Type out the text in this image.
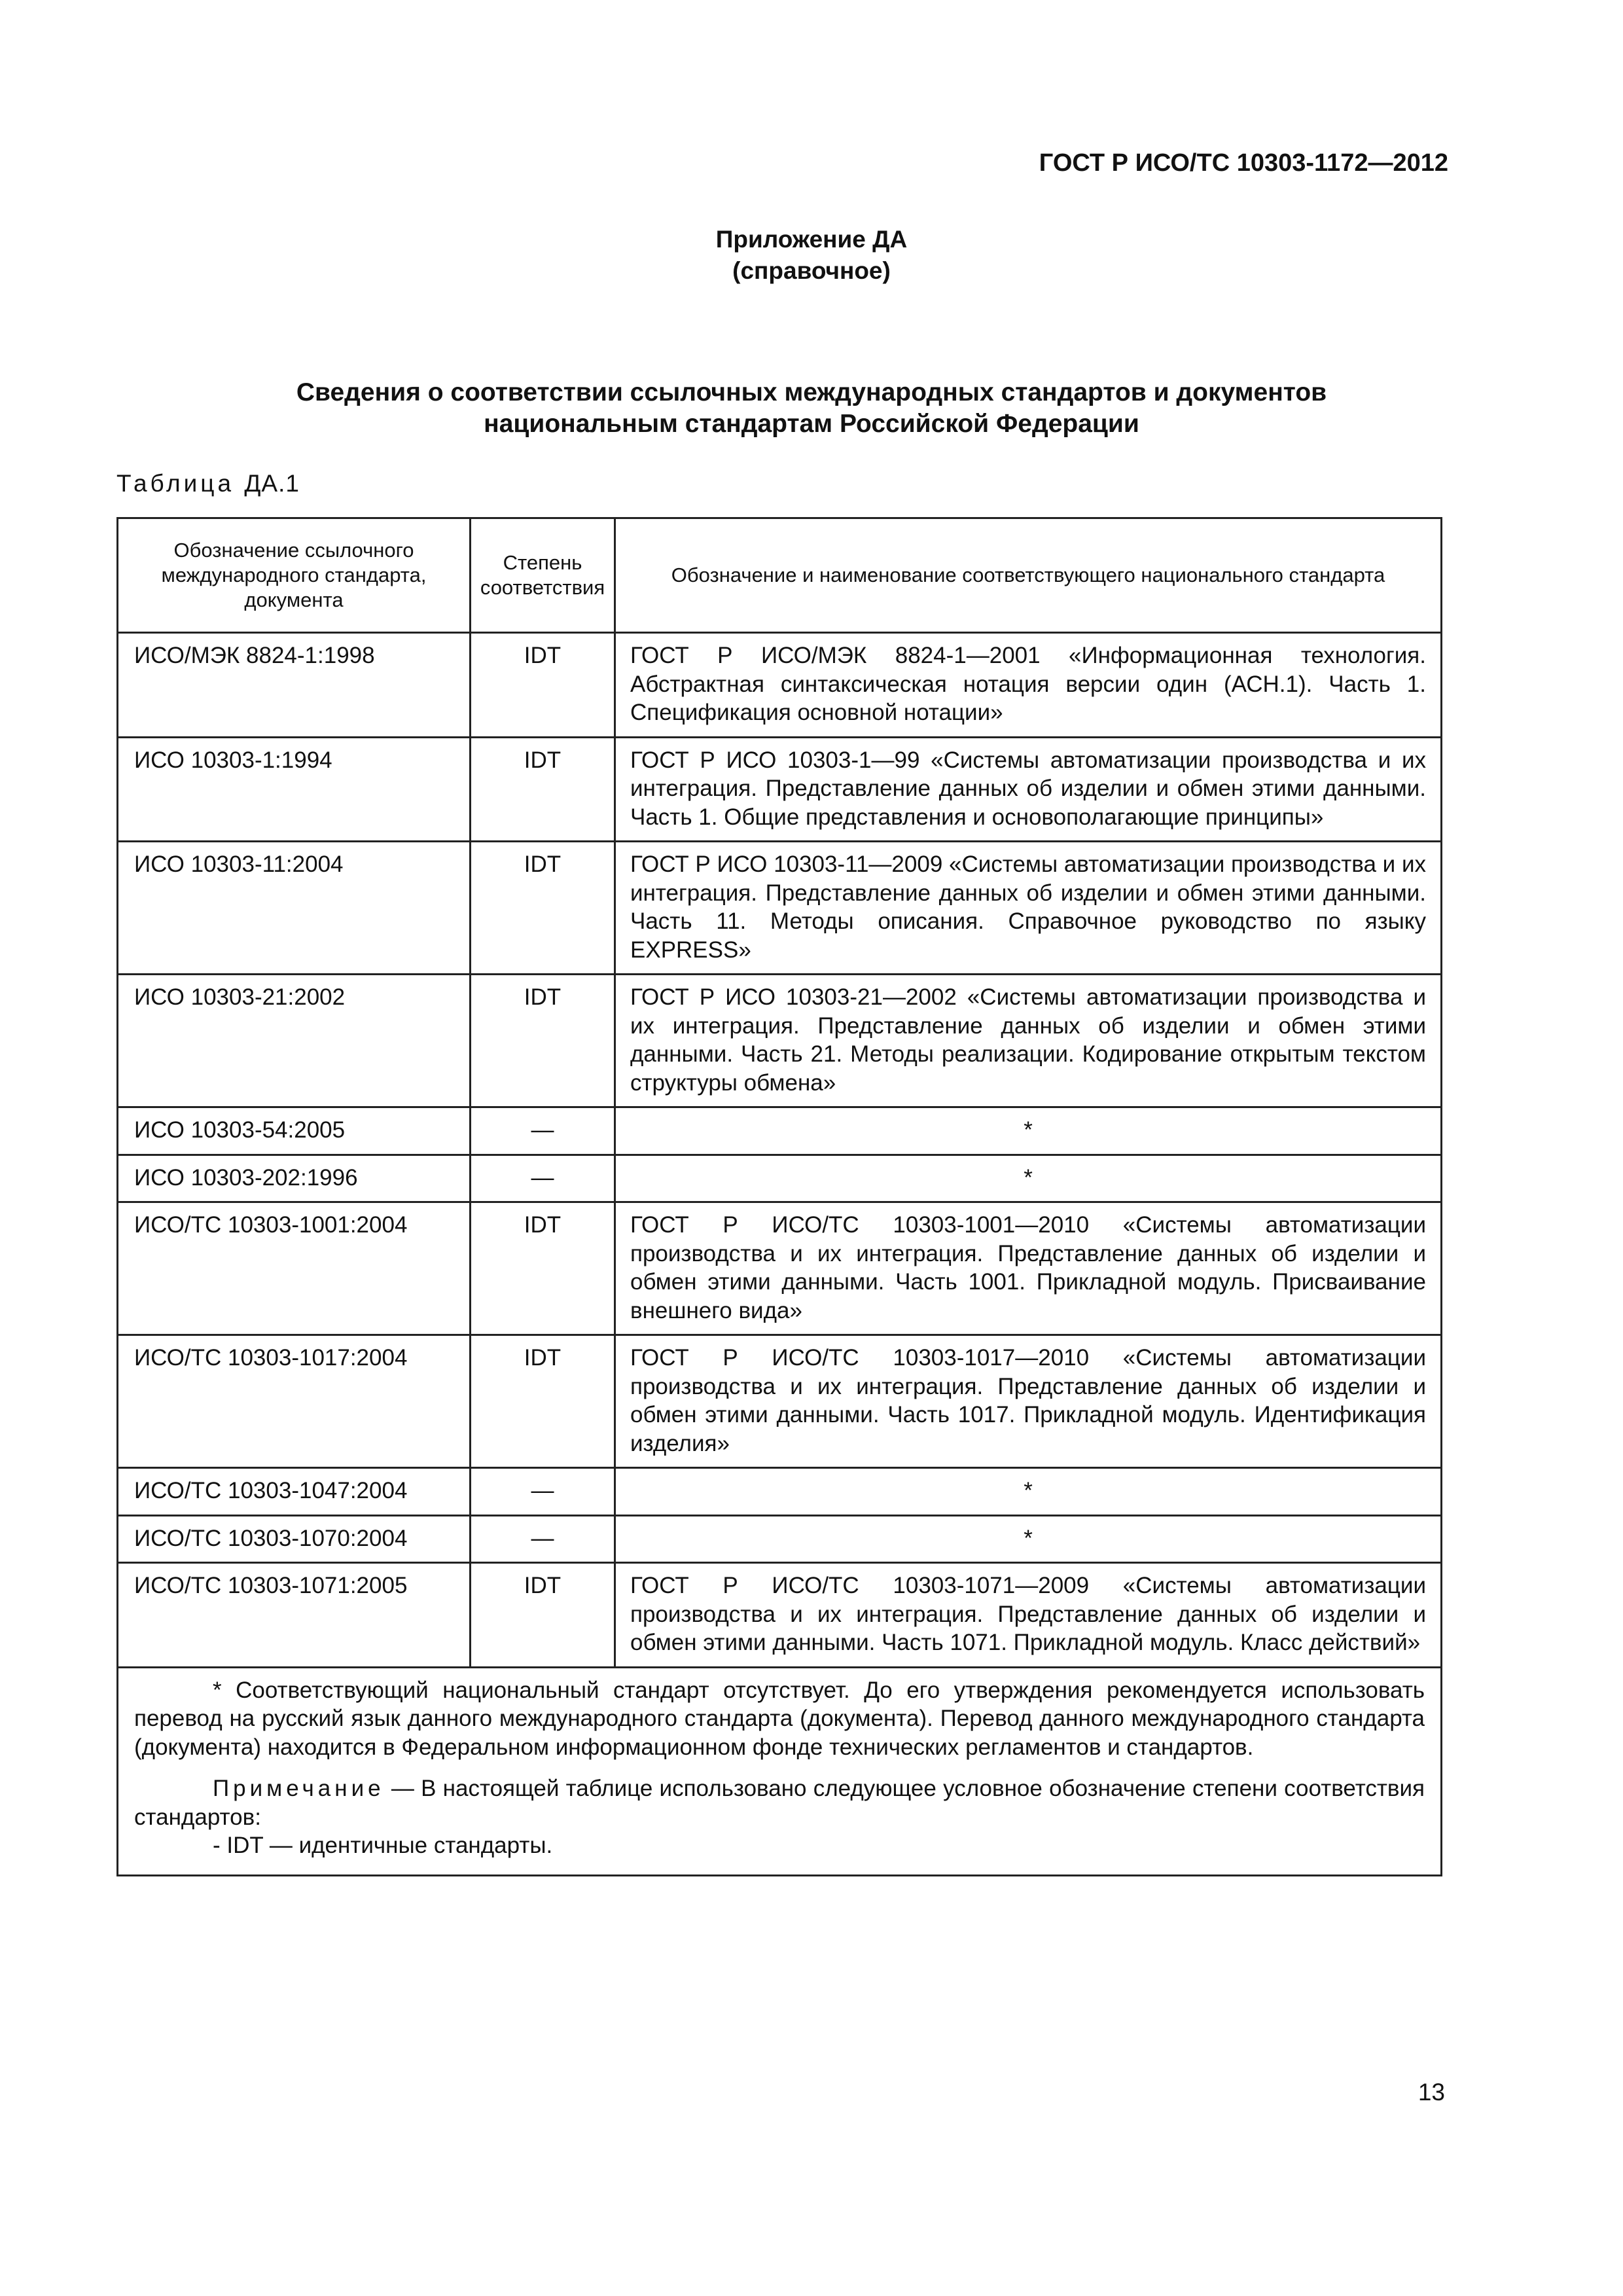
ГОСТ Р ИСО/ТС 10303-1172—2012
Приложение ДА
(справочное)
Сведения о соответствии ссылочных международных стандартов и документов
национальным стандартам Российской Федерации
Таблица ДА.1
Обозначение ссылочного международного стандарта, документа	Степень соответствия	Обозначение и наименование соответствующего национального стандарта
ИСО/МЭК 8824-1:1998	IDT	ГОСТ Р ИСО/МЭК 8824-1—2001 «Информационная технология. Абстрактная синтаксическая нотация версии один (АСН.1). Часть 1. Спецификация основной нотации»
ИСО 10303-1:1994	IDT	ГОСТ Р ИСО 10303-1—99 «Системы автоматизации производства и их интеграция. Представление данных об изделии и обмен этими данными. Часть 1. Общие представления и основополагающие принципы»
ИСО 10303-11:2004	IDT	ГОСТ Р ИСО 10303-11—2009 «Системы автоматизации производства и их интеграция. Представление данных об изделии и обмен этими данными. Часть 11. Методы описания. Справочное руководство по языку EXPRESS»
ИСО 10303-21:2002	IDT	ГОСТ Р ИСО 10303-21—2002 «Системы автоматизации производства и их интеграция. Представление данных об изделии и обмен этими данными. Часть 21. Методы реализации. Кодирование открытым текстом структуры обмена»
ИСО 10303-54:2005	—	*
ИСО 10303-202:1996	—	*
ИСО/ТС 10303-1001:2004	IDT	ГОСТ Р ИСО/ТС 10303-1001—2010 «Системы автоматизации производства и их интеграция. Представление данных об изделии и обмен этими данными. Часть 1001. Прикладной модуль. Присваивание внешнего вида»
ИСО/ТС 10303-1017:2004	IDT	ГОСТ Р ИСО/ТС 10303-1017—2010 «Системы автоматизации производства и их интеграция. Представление данных об изделии и обмен этими данными. Часть 1017. Прикладной модуль. Идентификация изделия»
ИСО/ТС 10303-1047:2004	—	*
ИСО/ТС 10303-1070:2004	—	*
ИСО/ТС 10303-1071:2005	IDT	ГОСТ Р ИСО/ТС 10303-1071—2009 «Системы автоматизации производства и их интеграция. Представление данных об изделии и обмен этими данными. Часть 1071. Прикладной модуль. Класс действий»

* Соответствующий национальный стандарт отсутствует. До его утверждения рекомендуется использовать перевод на русский язык данного международного стандарта (документа). Перевод данного международного стандарта (документа) находится в Федеральном информационном фонде технических регламентов и стандартов.

Примечание — В настоящей таблице использовано следующее условное обозначение степени соответствия стандартов:

- IDT — идентичные стандарты.		

13
